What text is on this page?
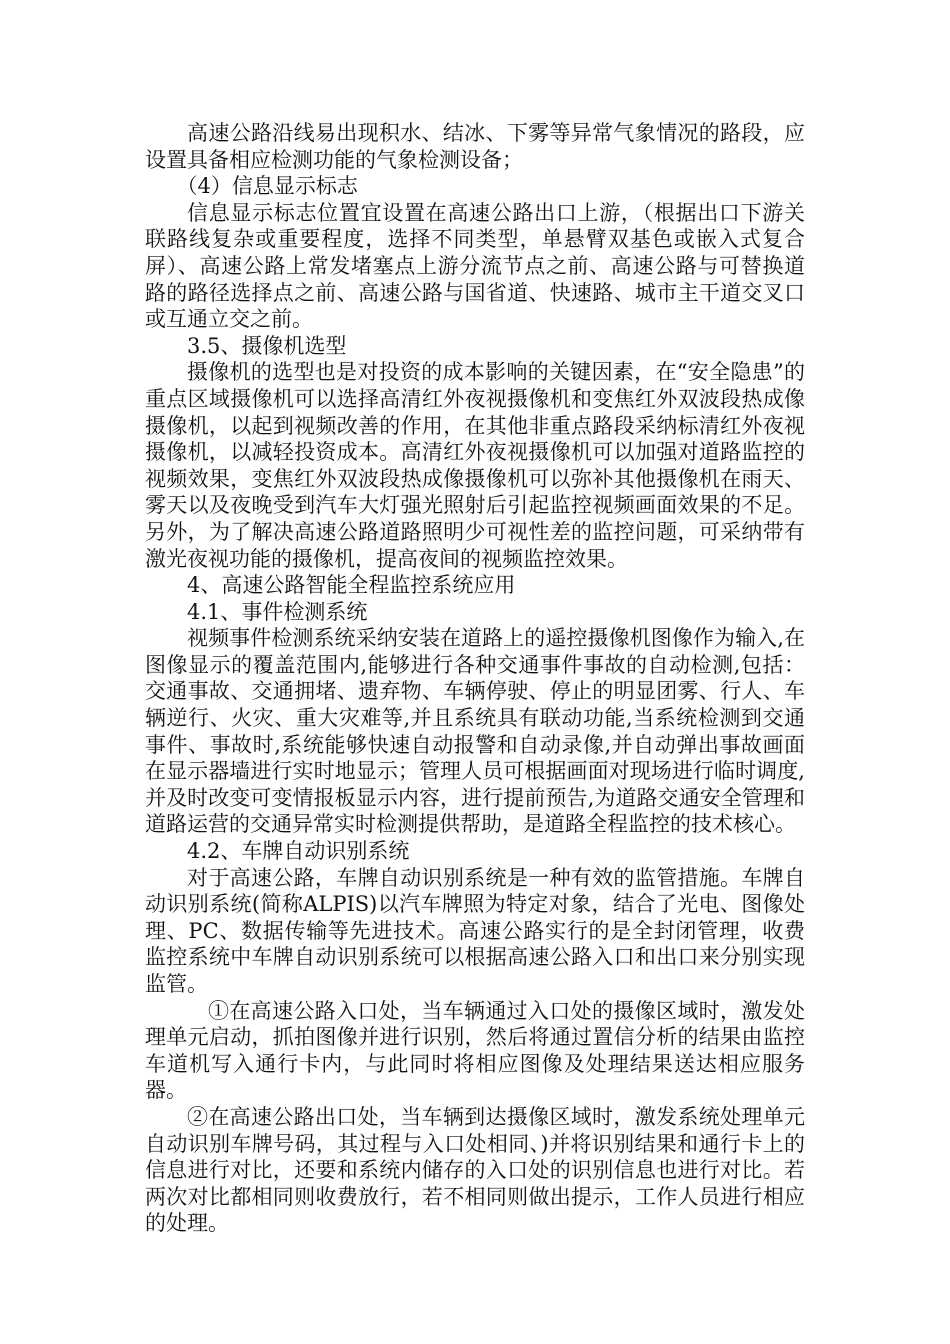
高速公路沿线易出现积水、结冰、下雾等异常气象情况的路段，应设置具备相应检测功能的气象检测设备；

（4）信息显示标志

信息显示标志位置宜设置在高速公路出口上游，（根据出口下游关联路线复杂或重要程度，选择不同类型，单悬臂双基色或嵌入式复合屏）、高速公路上常发堵塞点上游分流节点之前、高速公路与可替换道路的路径选择点之前、高速公路与国省道、快速路、城市主干道交叉口或互通立交之前。

3.5、摄像机选型

摄像机的选型也是对投资的成本影响的关键因素，在“安全隐患”的重点区域摄像机可以选择高清红外夜视摄像机和变焦红外双波段热成像摄像机，以起到视频改善的作用，在其他非重点路段采纳标清红外夜视摄像机，以减轻投资成本。高清红外夜视摄像机可以加强对道路监控的视频效果，变焦红外双波段热成像摄像机可以弥补其他摄像机在雨天、雾天以及夜晚受到汽车大灯强光照射后引起监控视频画面效果的不足。另外，为了解决高速公路道路照明少可视性差的监控问题，可采纳带有激光夜视功能的摄像机，提高夜间的视频监控效果。

4、高速公路智能全程监控系统应用

4.1、事件检测系统

视频事件检测系统采纳安装在道路上的遥控摄像机图像作为输入,在图像显示的覆盖范围内,能够进行各种交通事件事故的自动检测,包括：交通事故、交通拥堵、遗弃物、车辆停驶、停止的明显团雾、行人、车辆逆行、火灾、重大灾难等,并且系统具有联动功能,当系统检测到交通事件、事故时,系统能够快速自动报警和自动录像,并自动弹出事故画面在显示器墙进行实时地显示；管理人员可根据画面对现场进行临时调度,并及时改变可变情报板显示内容，进行提前预告,为道路交通安全管理和道路运营的交通异常实时检测提供帮助，是道路全程监控的技术核心。

4.2、车牌自动识别系统

对于高速公路，车牌自动识别系统是一种有效的监管措施。车牌自动识别系统(简称ALPIS)以汽车牌照为特定对象，结合了光电、图像处理、PC、数据传输等先进技术。高速公路实行的是全封闭管理，收费监控系统中车牌自动识别系统可以根据高速公路入口和出口来分别实现监管。

①在高速公路入口处，当车辆通过入口处的摄像区域时，激发处理单元启动，抓拍图像并进行识别，然后将通过置信分析的结果由监控车道机写入通行卡内，与此同时将相应图像及处理结果送达相应服务器。

②在高速公路出口处，当车辆到达摄像区域时，激发系统处理单元自动识别车牌号码，其过程与入口处相同、)并将识别结果和通行卡上的信息进行对比，还要和系统内储存的入口处的识别信息也进行对比。若两次对比都相同则收费放行，若不相同则做出提示，工作人员进行相应的处理。
